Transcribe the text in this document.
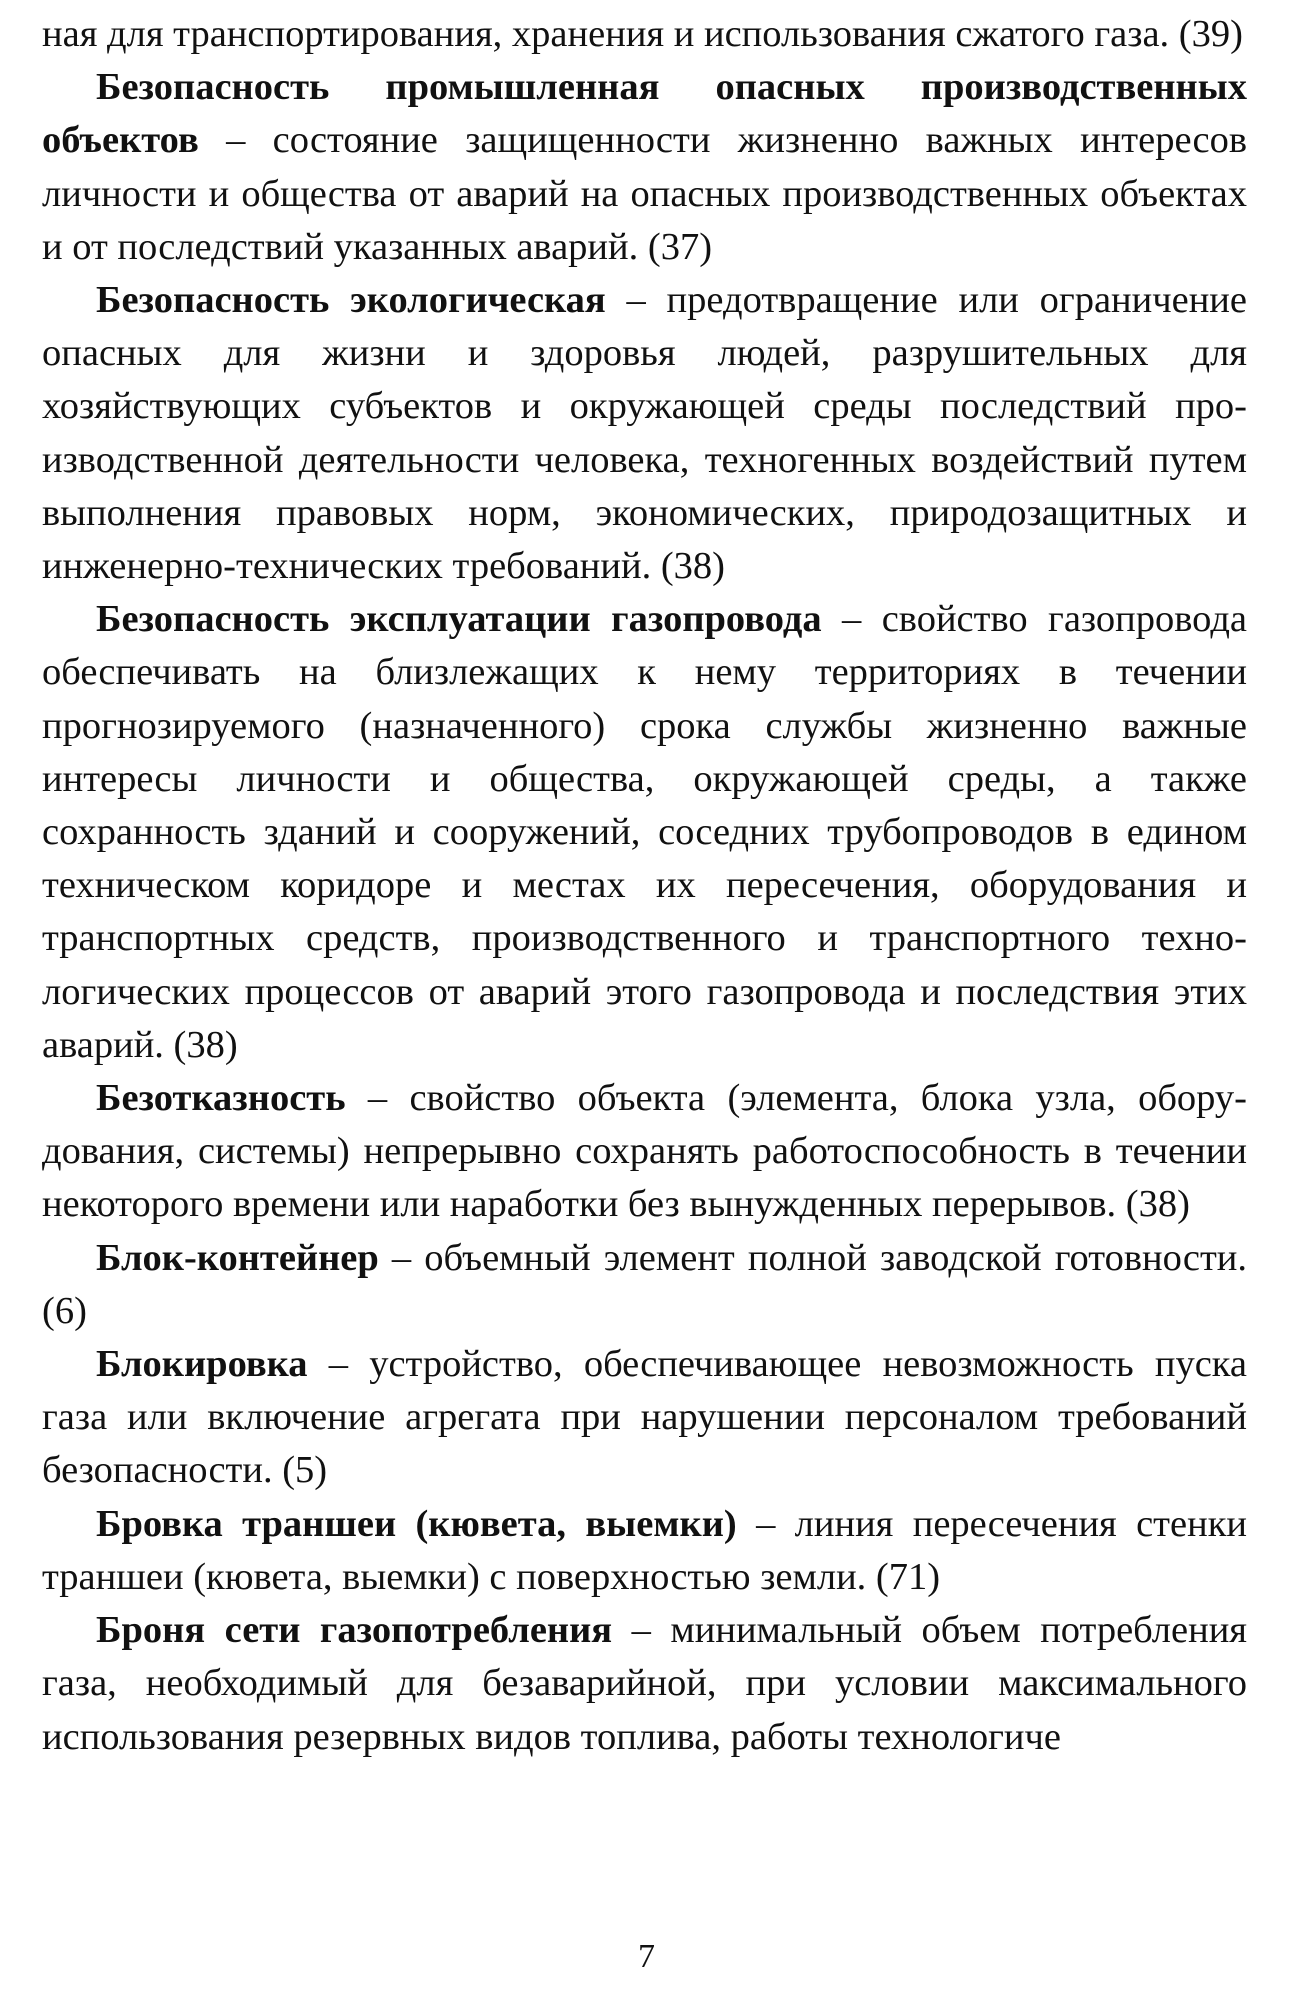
ная для транспортирования, хранения и использования сжатого газа. (39)

Безопасность промышленная опасных производственных объектов – состояние защищенности жизненно важных интересов личности и общества от аварий на опасных производственных объектах и от последствий указанных аварий. (37)

Безопасность экологическая – предотвращение или ограничение опасных для жизни и здоровья людей, разрушительных для хозяйствующих субъектов и окружающей среды последствий производственной деятельности человека, техногенных воздействий путем выполнения правовых норм, экономических, природозащитных и инженерно-технических требований. (38)

Безопасность эксплуатации газопровода – свойство газопровода обеспечивать на близлежащих к нему территориях в течении прогнозируемого (назначенного) срока службы жизненно важные интересы личности и общества, окружающей среды, а также сохранность зданий и сооружений, соседних трубопроводов в едином техническом коридоре и местах их пересечения, оборудования и транспортных средств, производственного и транспортного технологических процессов от аварий этого газопровода и последствия этих аварий. (38)

Безотказность – свойство объекта (элемента, блока узла, оборудования, системы) непрерывно сохранять работоспособность в течении некоторого времени или наработки без вынужденных перерывов. (38)

Блок-контейнер – объемный элемент полной заводской готовности. (6)

Блокировка – устройство, обеспечивающее невозможность пуска газа или включение агрегата при нарушении персоналом требований безопасности. (5)

Бровка траншеи (кювета, выемки) – линия пересечения стенки траншеи (кювета, выемки) с поверхностью земли. (71)

Броня сети газопотребления – минимальный объем потребления газа, необходимый для безаварийной, при условии максимального использования резервных видов топлива, работы технологиче

7
